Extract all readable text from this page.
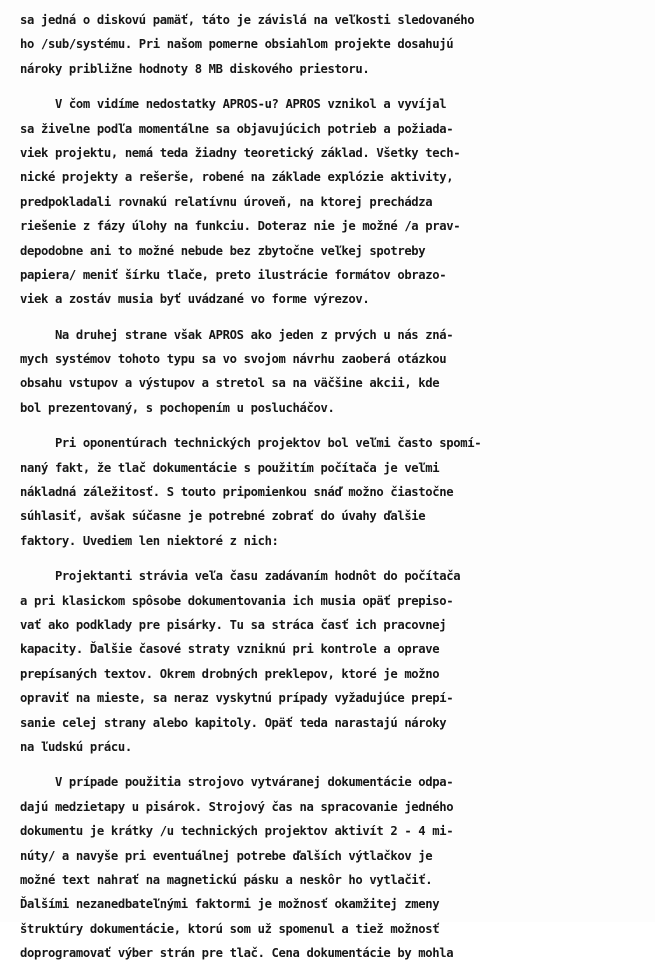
sa jedná o diskovú pamäť, táto je závislá na veľkosti sledovaného
ho /sub/systému. Pri našom pomerne obsiahlom projekte dosahujú
nároky približne hodnoty 8 MB diskového priestoru.
V čom vidíme nedostatky APROS-u? APROS vznikol a vyvíjal
sa živelne podľa momentálne sa objavujúcich potrieb a požiada-
viek projektu, nemá teda žiadny teoretický základ. Všetky tech-
nické projekty a rešerše, robené na základe explózie aktivity,
predpokladali rovnakú relatívnu úroveň, na ktorej prechádza
riešenie z fázy úlohy na funkciu. Doteraz nie je možné /a prav-
depodobne ani to možné nebude bez zbytočne veľkej spotreby
papiera/ meniť šírku tlače, preto ilustrácie formátov obrazo-
viek a zostáv musia byť uvádzané vo forme výrezov.
Na druhej strane však APROS ako jeden z prvých u nás zná-
mych systémov tohoto typu sa vo svojom návrhu zaoberá otázkou
obsahu vstupov a výstupov a stretol sa na väčšine akcii, kde
bol prezentovaný, s pochopením u poslucháčov.
Pri oponentúrach technických projektov bol veľmi často spomí-
naný fakt, že tlač dokumentácie s použitím počítača je veľmi
nákladná záležitosť. S touto pripomienkou snáď možno čiastočne
súhlasiť, avšak súčasne je potrebné zobrať do úvahy ďalšie
faktory. Uvediem len niektoré z nich:
Projektanti strávia veľa času zadávaním hodnôt do počítača
a pri klasickom spôsobe dokumentovania ich musia opäť prepiso-
vať ako podklady pre pisárky. Tu sa stráca časť ich pracovnej
kapacity. Ďalšie časové straty vzniknú pri kontrole a oprave
prepísaných textov. Okrem drobných preklepov, ktoré je možno
opraviť na mieste, sa neraz vyskytnú prípady vyžadujúce prepí-
sanie celej strany alebo kapitoly. Opäť teda narastajú nároky
na ľudskú prácu.
V prípade použitia strojovo vytváranej dokumentácie odpa-
dajú medzietapy u pisárok. Strojový čas na spracovanie jedného
dokumentu je krátky /u technických projektov aktivít 2 - 4 mi-
núty/ a navyše pri eventuálnej potrebe ďalších výtlačkov je
možné text nahrať na magnetickú pásku a neskôr ho vytlačiť.
Ďalšími nezanedbateľnými faktormi je možnosť okamžitej zmeny
štruktúry dokumentácie, ktorú som už spomenul a tiež možnosť
doprogramovať výber strán pre tlač. Cena dokumentácie by mohla
